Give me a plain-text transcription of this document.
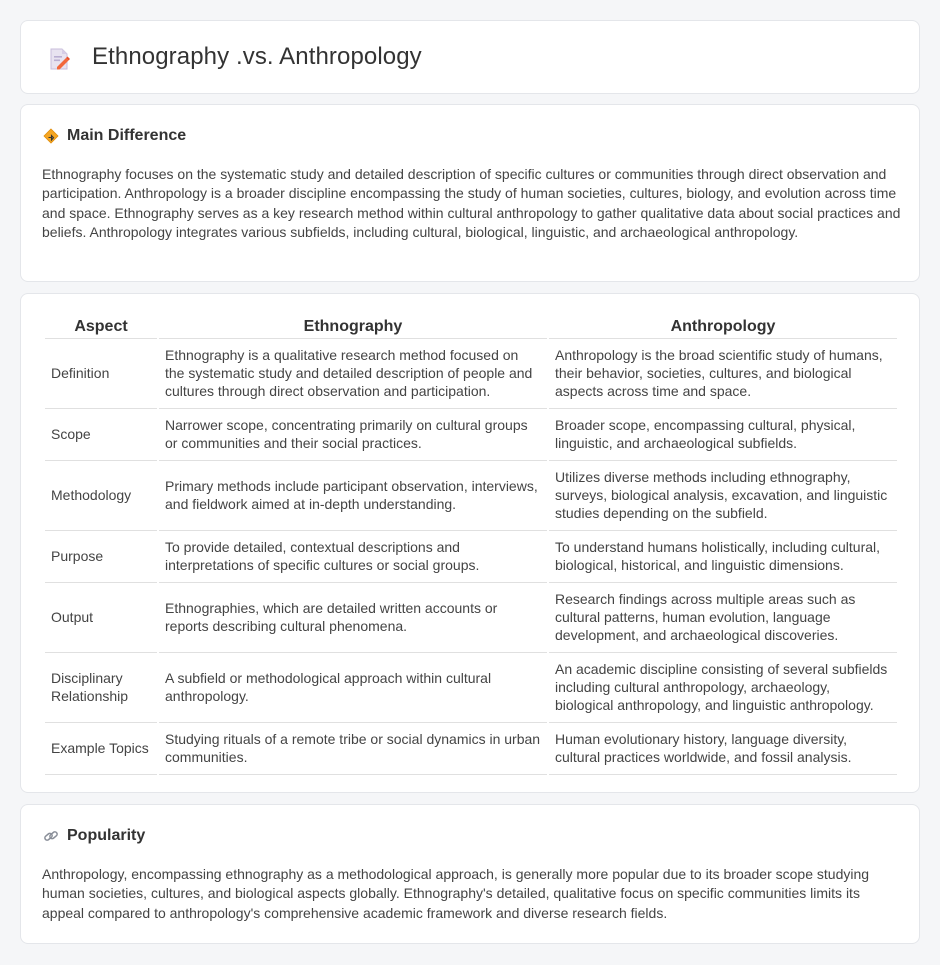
Ethnography .vs. Anthropology
Main Difference

Ethnography focuses on the systematic study and detailed description of specific cultures or communities through direct observation and participation. Anthropology is a broader discipline encompassing the study of human societies, cultures, biology, and evolution across time and space. Ethnography serves as a key research method within cultural anthropology to gather qualitative data about social practices and beliefs. Anthropology integrates various subfields, including cultural, biological, linguistic, and archaeological anthropology.

Aspect	Ethnography	Anthropology
Definition	Ethnography is a qualitative research method focused on the systematic study and detailed description of people and cultures through direct observation and participation.	Anthropology is the broad scientific study of humans, their behavior, societies, cultures, and biological aspects across time and space.
Scope	Narrower scope, concentrating primarily on cultural groups or communities and their social practices.	Broader scope, encompassing cultural, physical, linguistic, and archaeological subfields.
Methodology	Primary methods include participant observation, interviews, and fieldwork aimed at in-depth understanding.	Utilizes diverse methods including ethnography, surveys, biological analysis, excavation, and linguistic studies depending on the subfield.
Purpose	To provide detailed, contextual descriptions and interpretations of specific cultures or social groups.	To understand humans holistically, including cultural, biological, historical, and linguistic dimensions.
Output	Ethnographies, which are detailed written accounts or reports describing cultural phenomena.	Research findings across multiple areas such as cultural patterns, human evolution, language development, and archaeological discoveries.
Disciplinary Relationship	A subfield or methodological approach within cultural anthropology.	An academic discipline consisting of several subfields including cultural anthropology, archaeology, biological anthropology, and linguistic anthropology.
Example Topics	Studying rituals of a remote tribe or social dynamics in urban communities.	Human evolutionary history, language diversity, cultural practices worldwide, and fossil analysis.
Popularity

Anthropology, encompassing ethnography as a methodological approach, is generally more popular due to its broader scope studying human societies, cultures, and biological aspects globally. Ethnography's detailed, qualitative focus on specific communities limits its appeal compared to anthropology's comprehensive academic framework and diverse research fields.
